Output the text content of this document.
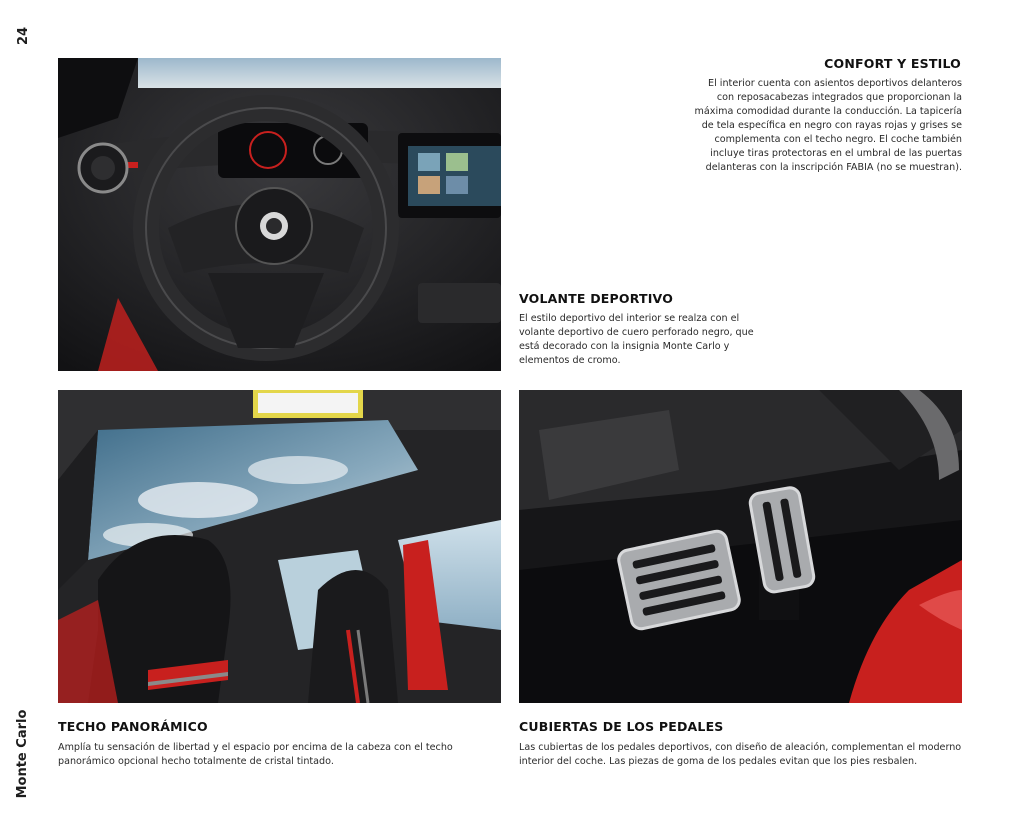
24
Monte Carlo
CONFORT Y ESTILO

El interior cuenta con asientos deportivos delanteros con reposacabezas integrados que proporcionan la máxima comodidad durante la conducción. La tapicería de tela específica en negro con rayas rojas y grises se complementa con el techo negro. El coche también incluye tiras protectoras en el umbral de las puertas delanteras con la inscripción FABIA (no se muestran).

VOLANTE DEPORTIVO

El estilo deportivo del interior se realza con el volante deportivo de cuero perforado negro, que está decorado con la insignia Monte Carlo y elementos de cromo.

TECHO PANORÁMICO

Amplía tu sensación de libertad y el espacio por encima de la cabeza con el techo panorámico opcional hecho totalmente de cristal tintado.

CUBIERTAS DE LOS PEDALES

Las cubiertas de los pedales deportivos, con diseño de aleación, complementan el moderno interior del coche. Las piezas de goma de los pedales evitan que los pies resbalen.
